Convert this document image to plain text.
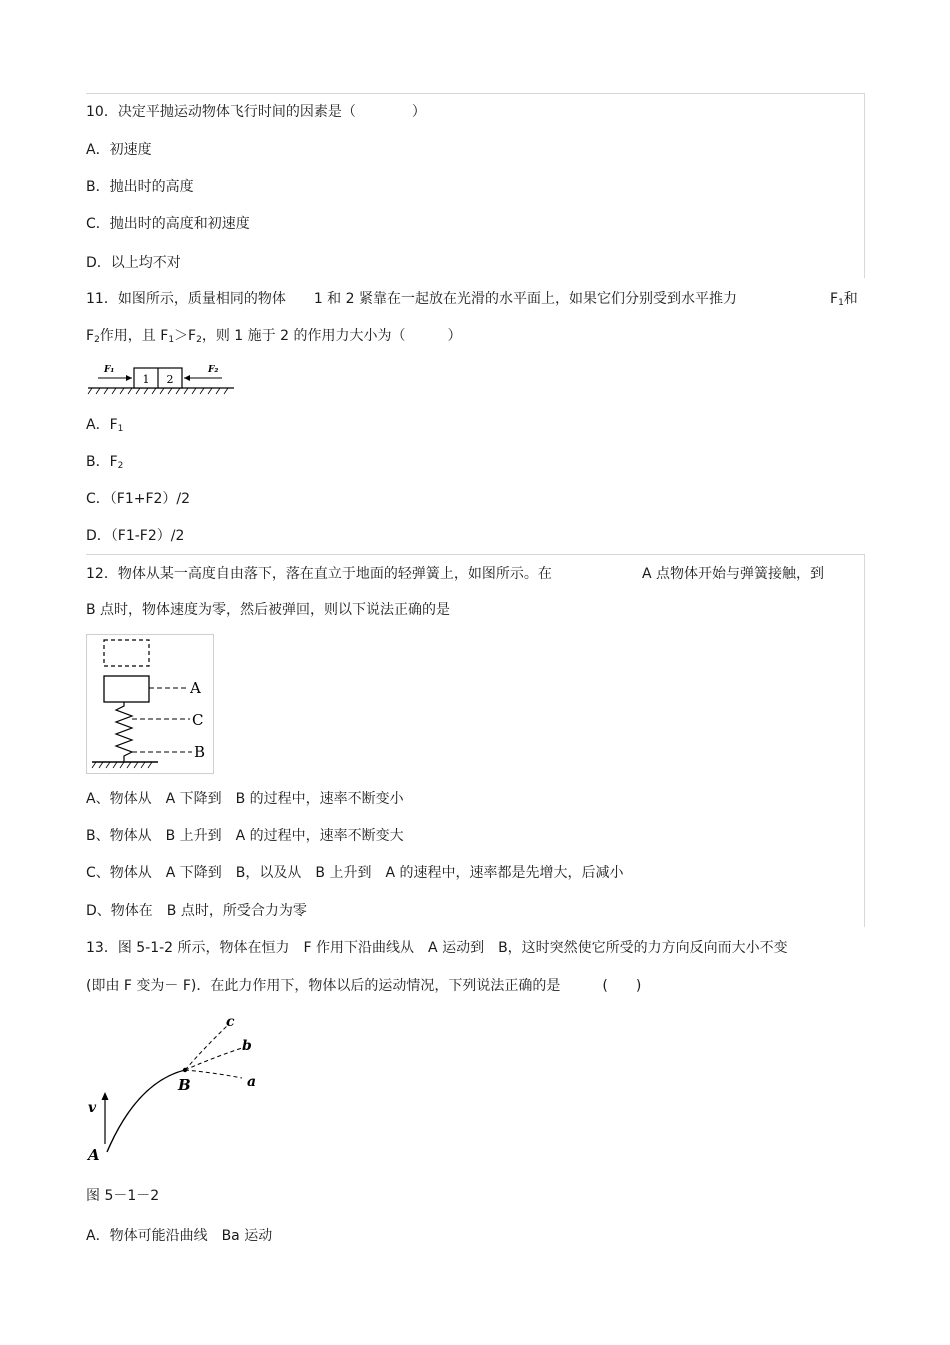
10．决定平抛运动物体飞行时间的因素是（　　　　）
A．初速度
B．抛出时的高度
C．抛出时的高度和初速度
D．以上均不对
11．如图所示，质量相同的物体　　1 和 2 紧靠在一起放在光滑的水平面上，如果它们分别受到水平推力	$F_1$和
$F_2$作用，且 $F_1>F_2$，则 1 施于 2 的作用力大小为（　　　）
1 2
F₁	F₂
A．$F_1$
B．$F_2$
C．（F1+F2）/2
D．（F1-F2）/2
12．物体从某一高度自由落下，落在直立于地面的轻弹簧上，如图所示。在	A 点物体开始与弹簧接触，到
B 点时，物体速度为零，然后被弹回，则以下说法正确的是
A
C
B
A、物体从　A 下降到　B 的过程中，速率不断变小
B、物体从　B 上升到　A 的过程中，速率不断变大
C、物体从　A 下降到　B，以及从　B 上升到　A 的速程中，速率都是先增大，后减小
D、物体在　B 点时，所受合力为零
13．图 5-1-2 所示，物体在恒力　F 作用下沿曲线从　A 运动到　B，这时突然使它所受的力方向反向而大小不变
(即由 F 变为－ F)．在此力作用下，物体以后的运动情况，下列说法正确的是　　　(　　)
c
b
a
B
v
A
图 5－1－2
A．物体可能沿曲线　Ba 运动
